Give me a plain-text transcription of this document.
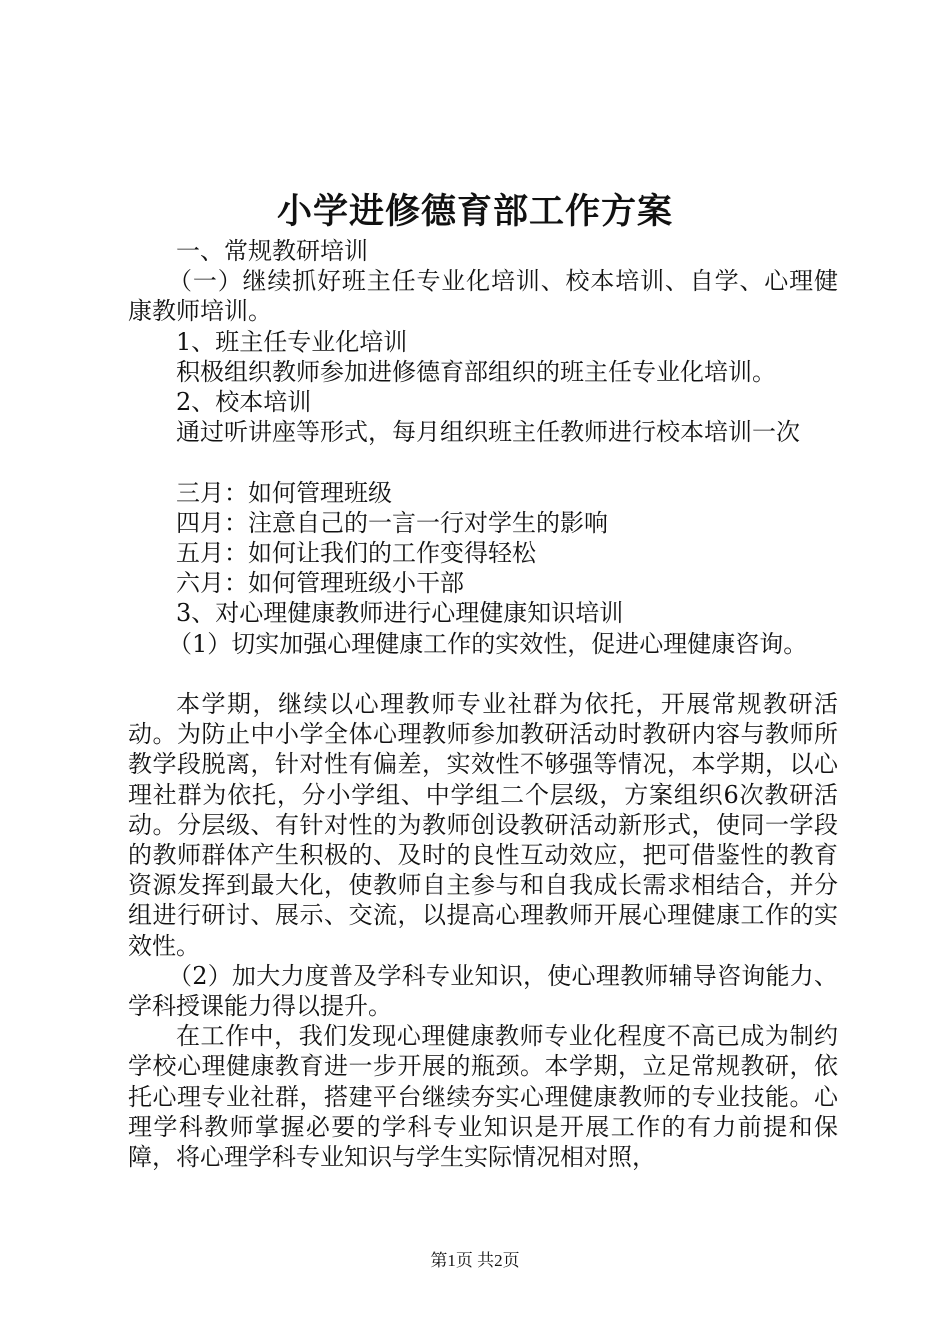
小学进修德育部工作方案

一、常规教研培训

（一）继续抓好班主任专业化培训、校本培训、自学、心理健康教师培训。

1、班主任专业化培训

积极组织教师参加进修德育部组织的班主任专业化培训。

2、校本培训

通过听讲座等形式，每月组织班主任教师进行校本培训一次

三月：如何管理班级

四月：注意自己的一言一行对学生的影响

五月：如何让我们的工作变得轻松

六月：如何管理班级小干部

3、对心理健康教师进行心理健康知识培训

（1）切实加强心理健康工作的实效性，促进心理健康咨询。

本学期，继续以心理教师专业社群为依托，开展常规教研活动。为防止中小学全体心理教师参加教研活动时教研内容与教师所教学段脱离，针对性有偏差，实效性不够强等情况，本学期，以心理社群为依托，分小学组、中学组二个层级，方案组织6次教研活动。分层级、有针对性的为教师创设教研活动新形式，使同一学段的教师群体产生积极的、及时的良性互动效应，把可借鉴性的教育资源发挥到最大化，使教师自主参与和自我成长需求相结合，并分组进行研讨、展示、交流，以提高心理教师开展心理健康工作的实效性。

（2）加大力度普及学科专业知识，使心理教师辅导咨询能力、学科授课能力得以提升。

在工作中，我们发现心理健康教师专业化程度不高已成为制约学校心理健康教育进一步开展的瓶颈。本学期，立足常规教研，依托心理专业社群，搭建平台继续夯实心理健康教师的专业技能。心理学科教师掌握必要的学科专业知识是开展工作的有力前提和保障，将心理学科专业知识与学生实际情况相对照，

第1页 共2页
